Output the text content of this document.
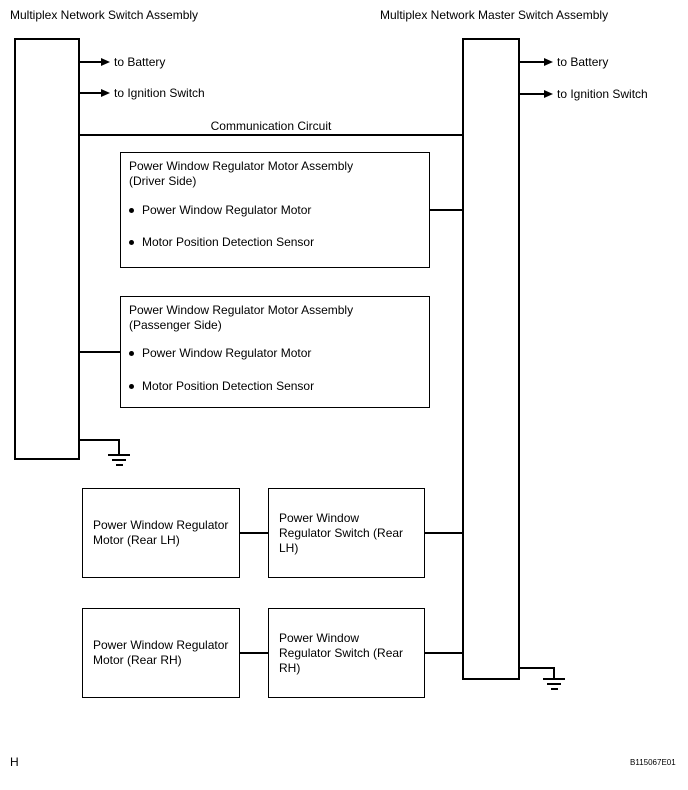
Multiplex Network Switch Assembly	Multiplex Network Master Switch Assembly
to Battery
to Ignition Switch
Communication Circuit
Power Window Regulator Motor Assembly
(Driver Side)
Power Window Regulator Motor
Motor Position Detection Sensor
Power Window Regulator Motor Assembly
(Passenger Side)
Power Window Regulator Motor
Motor Position Detection Sensor
Power Window Regulator Motor (Rear LH)
Power Window Regulator Switch (Rear LH)
Power Window Regulator Motor (Rear RH)
Power Window Regulator Switch (Rear RH)
to Battery
to Ignition Switch
H	B115067E01
